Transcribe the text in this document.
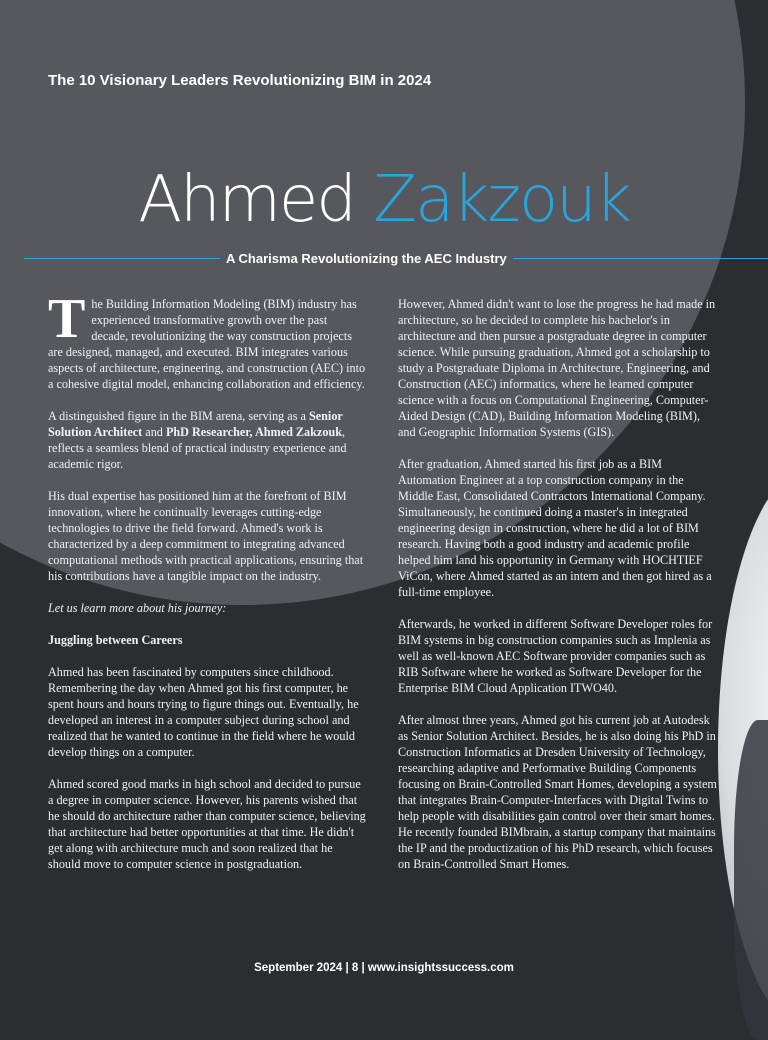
The 10 Visionary Leaders Revolutionizing BIM in 2024
Ahmed Zakzouk
A Charisma Revolutionizing the AEC Industry

The Building Information Modeling (BIM) industry has experienced transformative growth over the past decade, revolutionizing the way construction projects are designed, managed, and executed. BIM integrates various aspects of architecture, engineering, and construction (AEC) into a cohesive digital model, enhancing collaboration and efficiency.

A distinguished figure in the BIM arena, serving as a Senior Solution Architect and PhD Researcher, Ahmed Zakzouk, reflects a seamless blend of practical industry experience and academic rigor.

His dual expertise has positioned him at the forefront of BIM innovation, where he continually leverages cutting-edge technologies to drive the field forward. Ahmed's work is characterized by a deep commitment to integrating advanced computational methods with practical applications, ensuring that his contributions have a tangible impact on the industry.

Let us learn more about his journey:

Juggling between Careers

Ahmed has been fascinated by computers since childhood. Remembering the day when Ahmed got his first computer, he spent hours and hours trying to figure things out. Eventually, he developed an interest in a computer subject during school and realized that he wanted to continue in the field where he would develop things on a computer.

Ahmed scored good marks in high school and decided to pursue a degree in computer science. However, his parents wished that he should do architecture rather than computer science, believing that architecture had better opportunities at that time. He didn't get along with architecture much and soon realized that he should move to computer science in postgraduation.

However, Ahmed didn't want to lose the progress he had made in architecture, so he decided to complete his bachelor's in architecture and then pursue a postgraduate degree in computer science. While pursuing graduation, Ahmed got a scholarship to study a Postgraduate Diploma in Architecture, Engineering, and Construction (AEC) informatics, where he learned computer science with a focus on Computational Engineering, Computer-Aided Design (CAD), Building Information Modeling (BIM), and Geographic Information Systems (GIS).

After graduation, Ahmed started his first job as a BIM Automation Engineer at a top construction company in the Middle East, Consolidated Contractors International Company. Simultaneously, he continued doing a master's in integrated engineering design in construction, where he did a lot of BIM research. Having both a good industry and academic profile helped him land his opportunity in Germany with HOCHTIEF ViCon, where Ahmed started as an intern and then got hired as a full-time employee.

Afterwards, he worked in different Software Developer roles for BIM systems in big construction companies such as Implenia as well as well-known AEC Software provider companies such as RIB Software where he worked as Software Developer for the Enterprise BIM Cloud Application ITWO40.

After almost three years, Ahmed got his current job at Autodesk as Senior Solution Architect. Besides, he is also doing his PhD in Construction Informatics at Dresden University of Technology, researching adaptive and Performative Building Components focusing on Brain-Controlled Smart Homes, developing a system that integrates Brain-Computer-Interfaces with Digital Twins to help people with disabilities gain control over their smart homes. He recently founded BIMbrain, a startup company that maintains the IP and the productization of his PhD research, which focuses on Brain-Controlled Smart Homes.

September 2024 | 8 | www.insightssuccess.com
